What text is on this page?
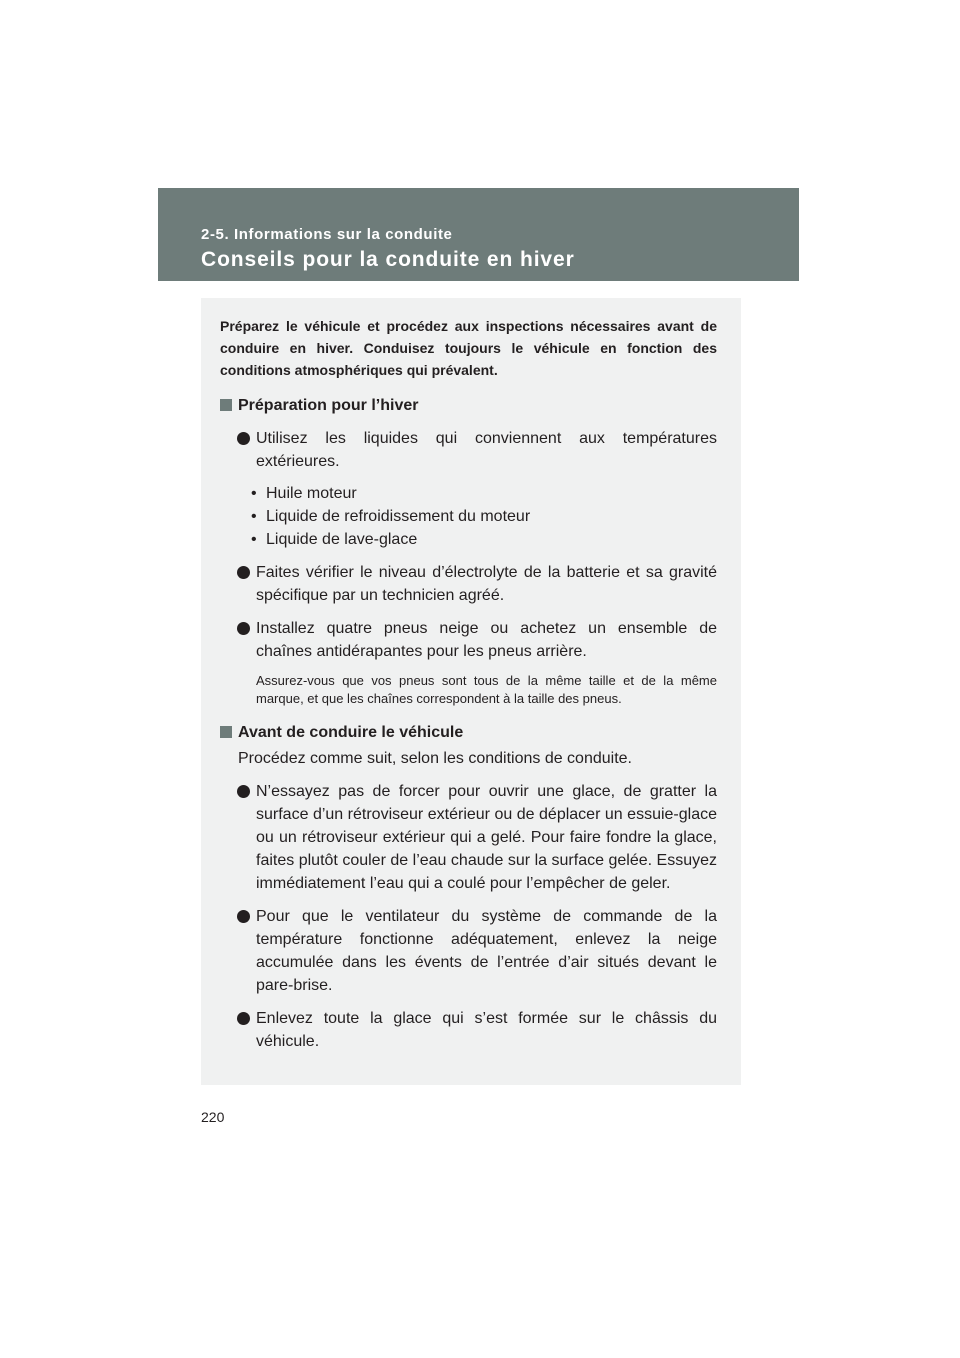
2-5. Informations sur la conduite
Conseils pour la conduite en hiver

Préparez le véhicule et procédez aux inspections nécessaires avant de conduire en hiver. Conduisez toujours le véhicule en fonction des conditions atmosphériques qui prévalent.

Préparation pour l’hiver
Utilisez les liquides qui conviennent aux températures extérieures.
• Huile moteur
• Liquide de refroidissement du moteur
• Liquide de lave-glace
Faites vérifier le niveau d’électrolyte de la batterie et sa gravité spécifique par un technicien agréé.
Installez quatre pneus neige ou achetez un ensemble de chaînes antidérapantes pour les pneus arrière.

Assurez-vous que vos pneus sont tous de la même taille et de la même marque, et que les chaînes correspondent à la taille des pneus.

Avant de conduire le véhicule

Procédez comme suit, selon les conditions de conduite.

N’essayez pas de forcer pour ouvrir une glace, de gratter la surface d’un rétroviseur extérieur ou de déplacer un essuie-glace ou un rétroviseur extérieur qui a gelé. Pour faire fondre la glace, faites plutôt couler de l’eau chaude sur la surface gelée. Essuyez immédiatement l’eau qui a coulé pour l’empêcher de geler.
Pour que le ventilateur du système de commande de la température fonctionne adéquatement, enlevez la neige accumulée dans les évents de l’entrée d’air situés devant le pare-brise.
Enlevez toute la glace qui s’est formée sur le châssis du véhicule.
220
